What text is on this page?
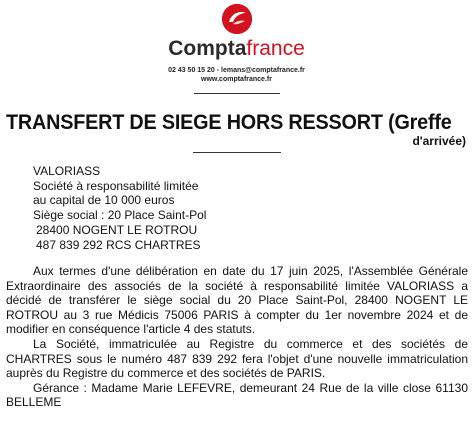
Comptafrance
02 43 50 15 20 - lemans@comptafrance.fr
www.comptafrance.fr
TRANSFERT DE SIEGE HORS RESSORT (Greffe
d'arrivée)
VALORIASS
Société à responsabilité limitée
au capital de 10 000 euros
Siège social : 20 Place Saint-Pol
28400 NOGENT LE ROTROU
487 839 292 RCS CHARTRES

Aux termes d'une délibération en date du 17 juin 2025, l'Assemblée Générale Extraordinaire des associés de la société à responsabilité limitée VALORIASS a décidé de transférer le siège social du 20 Place Saint-Pol, 28400 NOGENT LE ROTROU au 3 rue Médicis 75006 PARIS à compter du 1er novembre 2024 et de modifier en conséquence l'article 4 des statuts.

La Société, immatriculée au Registre du commerce et des sociétés de CHARTRES sous le numéro 487 839 292 fera l'objet d'une nouvelle immatriculation auprès du Registre du commerce et des sociétés de PARIS.

Gérance : Madame Marie LEFEVRE, demeurant 24 Rue de la ville close 61130 BELLEME
